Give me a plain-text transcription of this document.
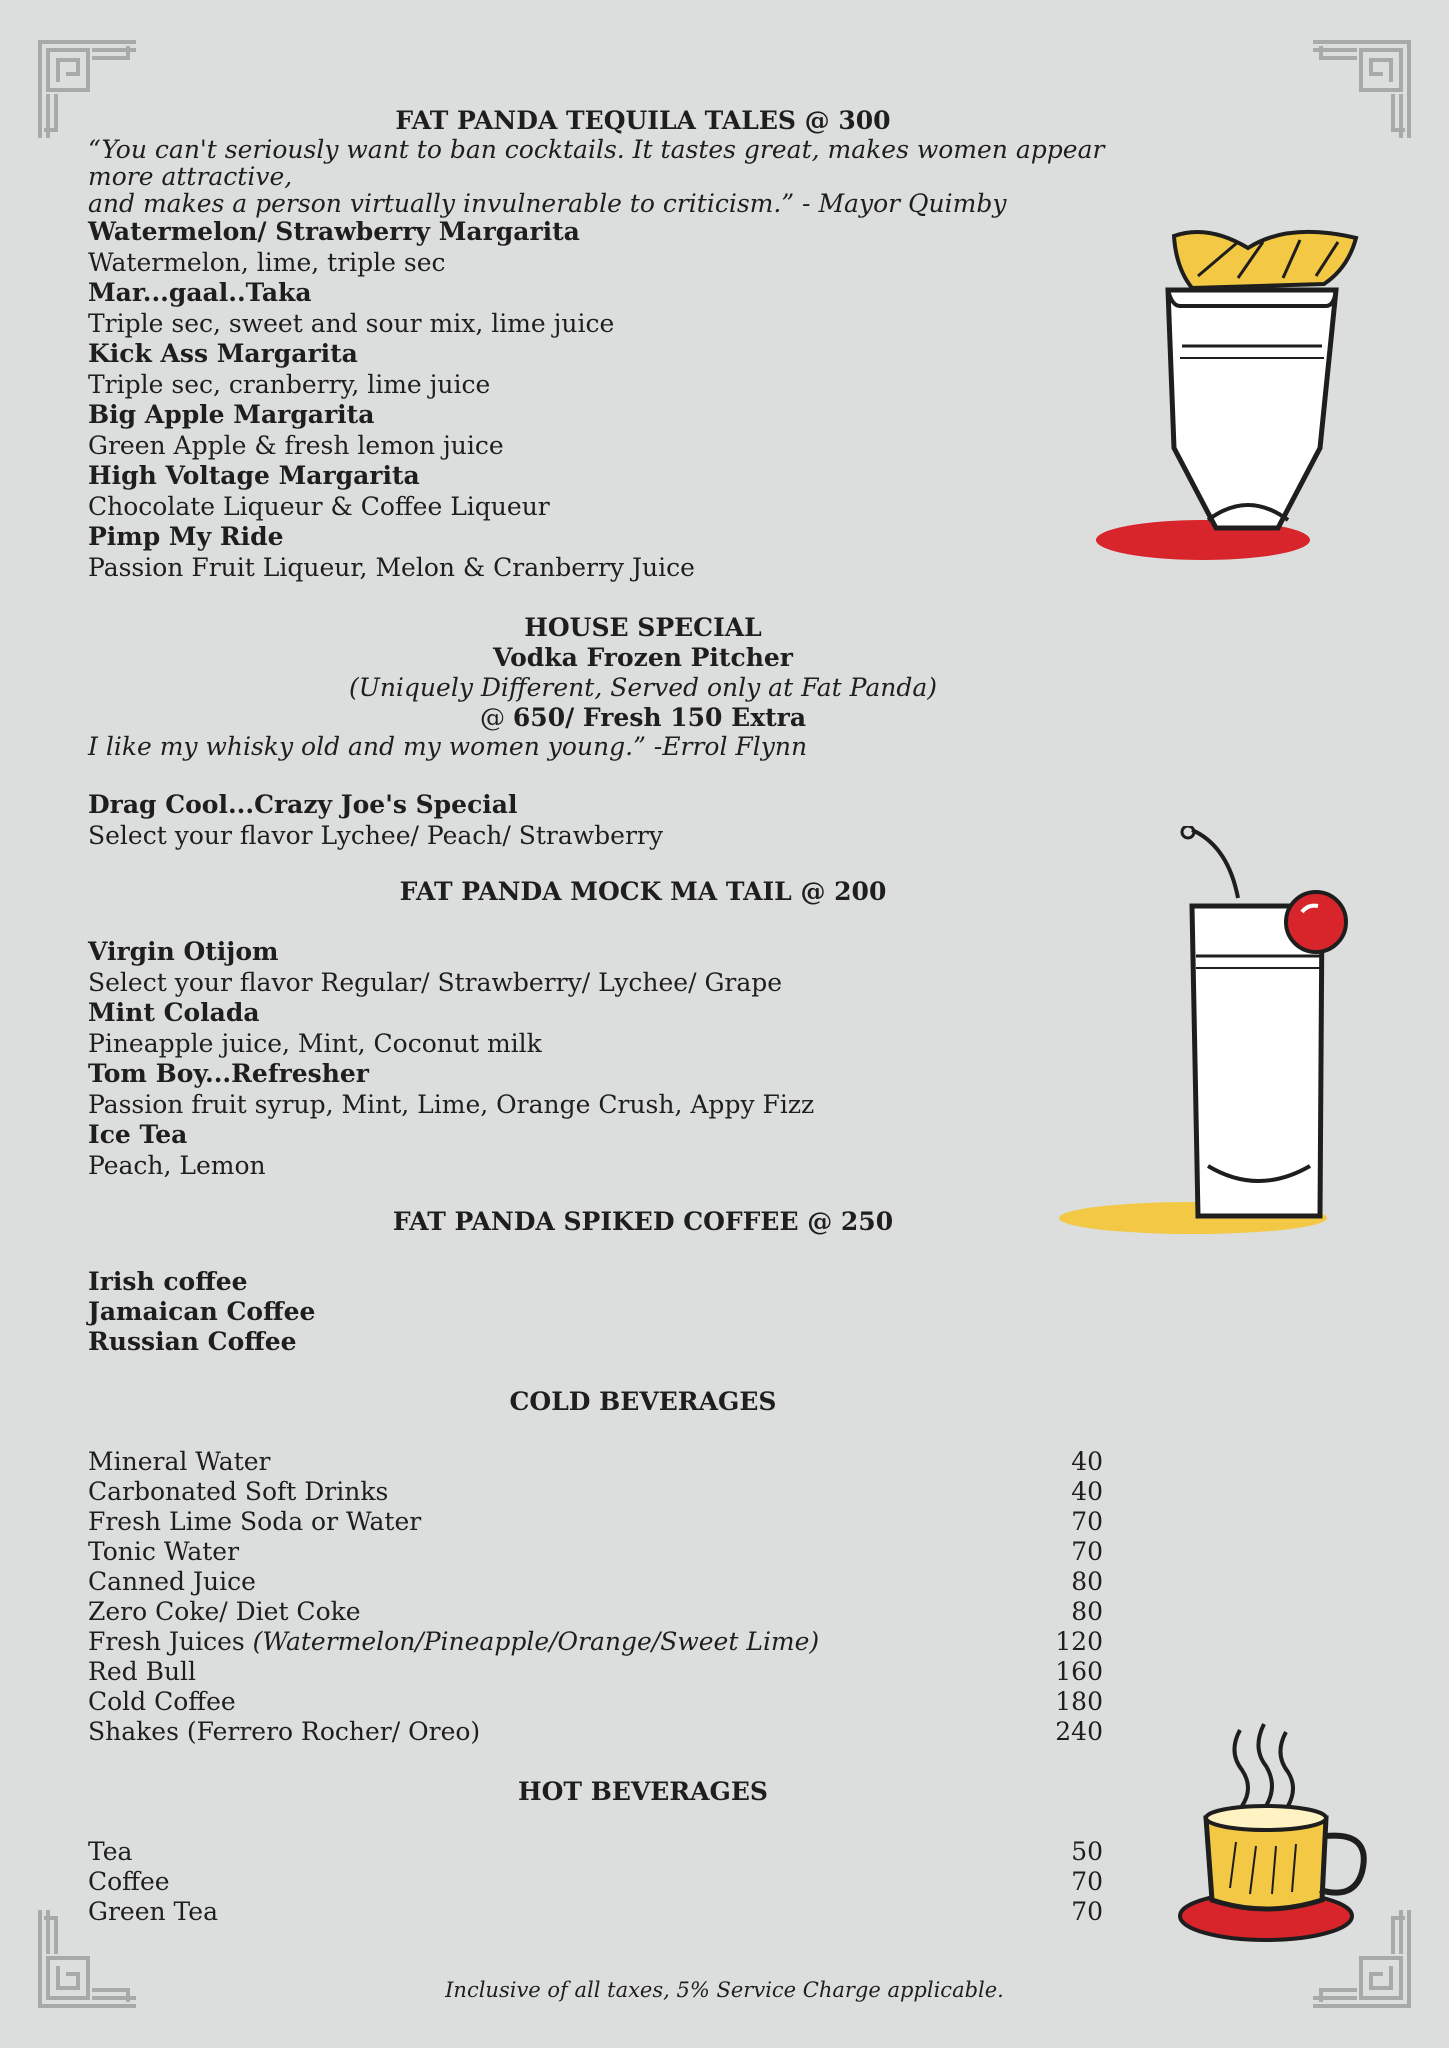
FAT PANDA TEQUILA TALES @ 300
“You can't seriously want to ban cocktails. It tastes great, makes women appear more attractive,
and makes a person virtually invulnerable to criticism.” - Mayor Quimby
Watermelon/ Strawberry Margarita
Watermelon, lime, triple sec
Mar...gaal..Taka
Triple sec, sweet and sour mix, lime juice
Kick Ass Margarita
Triple sec, cranberry, lime juice
Big Apple Margarita
Green Apple & fresh lemon juice
High Voltage Margarita
Chocolate Liqueur & Coffee Liqueur
Pimp My Ride
Passion Fruit Liqueur, Melon & Cranberry Juice
HOUSE SPECIAL
Vodka Frozen Pitcher
(Uniquely Different, Served only at Fat Panda)
@ 650/ Fresh 150 Extra
I like my whisky old and my women young.” -Errol Flynn
Drag Cool...Crazy Joe's Special
Select your flavor Lychee/ Peach/ Strawberry
FAT PANDA MOCK MA TAIL @ 200
Virgin Otijom
Select your flavor Regular/ Strawberry/ Lychee/ Grape
Mint Colada
Pineapple juice, Mint, Coconut milk
Tom Boy...Refresher
Passion fruit syrup, Mint, Lime, Orange Crush, Appy Fizz
Ice Tea
Peach, Lemon
FAT PANDA SPIKED COFFEE @ 250
Irish coffee
Jamaican Coffee
Russian Coffee
COLD BEVERAGES
Mineral Water	40
Carbonated Soft Drinks	40
Fresh Lime Soda or Water	70
Tonic Water	70
Canned Juice	80
Zero Coke/ Diet Coke	80
Fresh Juices (Watermelon/Pineapple/Orange/Sweet Lime)	120
Red Bull	160
Cold Coffee	180
Shakes (Ferrero Rocher/ Oreo)	240
HOT BEVERAGES
Tea	50
Coffee	70
Green Tea	70
Inclusive of all taxes, 5% Service Charge applicable.
